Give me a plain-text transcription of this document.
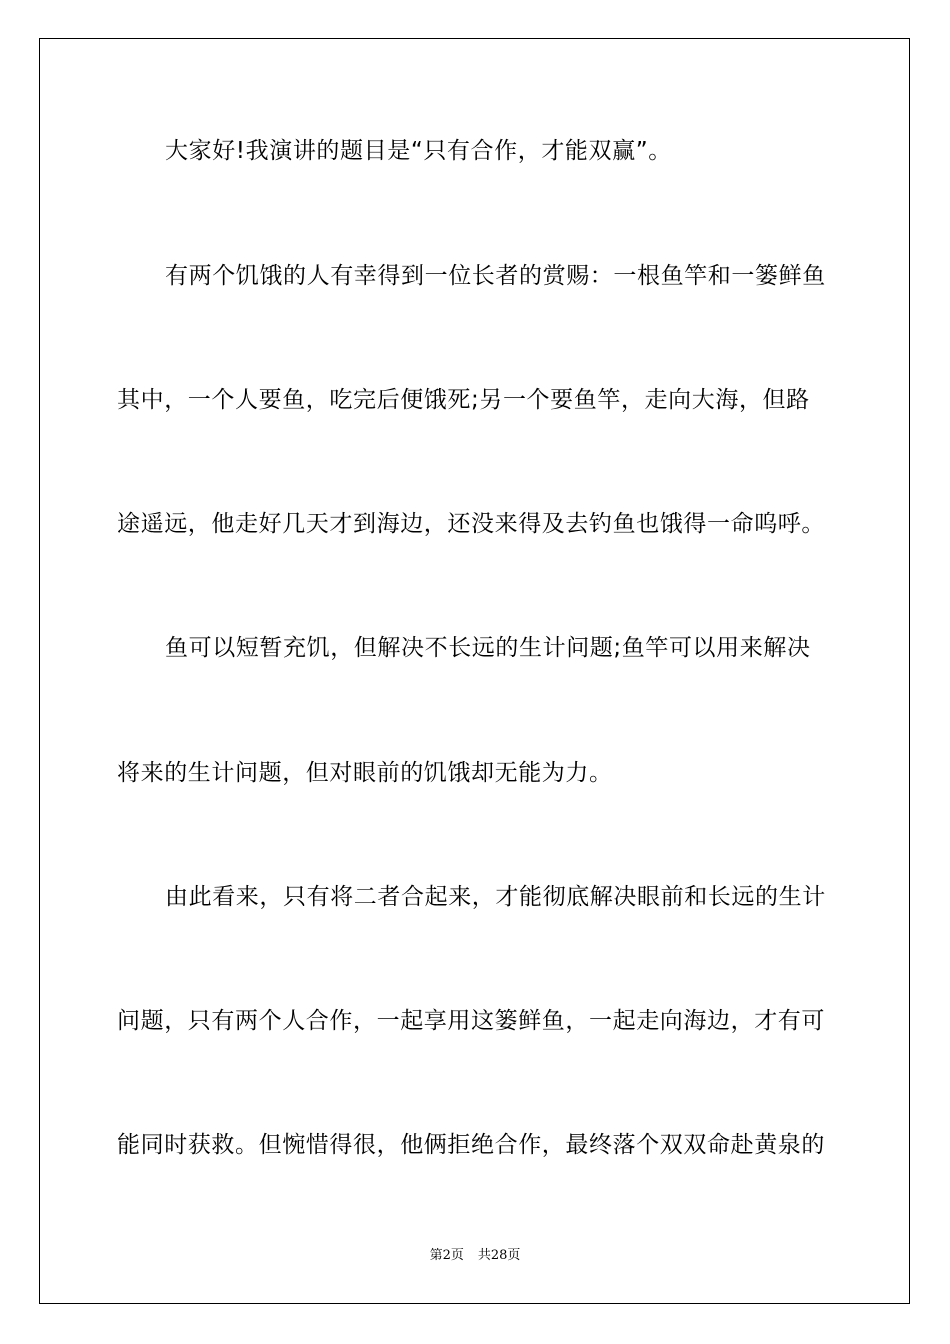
大家好!我演讲的题目是“只有合作，才能双赢”。
有两个饥饿的人有幸得到一位长者的赏赐：一根鱼竿和一篓鲜鱼
其中，一个人要鱼，吃完后便饿死;另一个要鱼竿，走向大海，但路
途遥远，他走好几天才到海边，还没来得及去钓鱼也饿得一命呜呼。
鱼可以短暂充饥，但解决不长远的生计问题;鱼竿可以用来解决
将来的生计问题，但对眼前的饥饿却无能为力。
由此看来，只有将二者合起来，才能彻底解决眼前和长远的生计
问题，只有两个人合作，一起享用这篓鲜鱼，一起走向海边，才有可
能同时获救。但惋惜得很，他俩拒绝合作，最终落个双双命赴黄泉的
第2页 共28页
